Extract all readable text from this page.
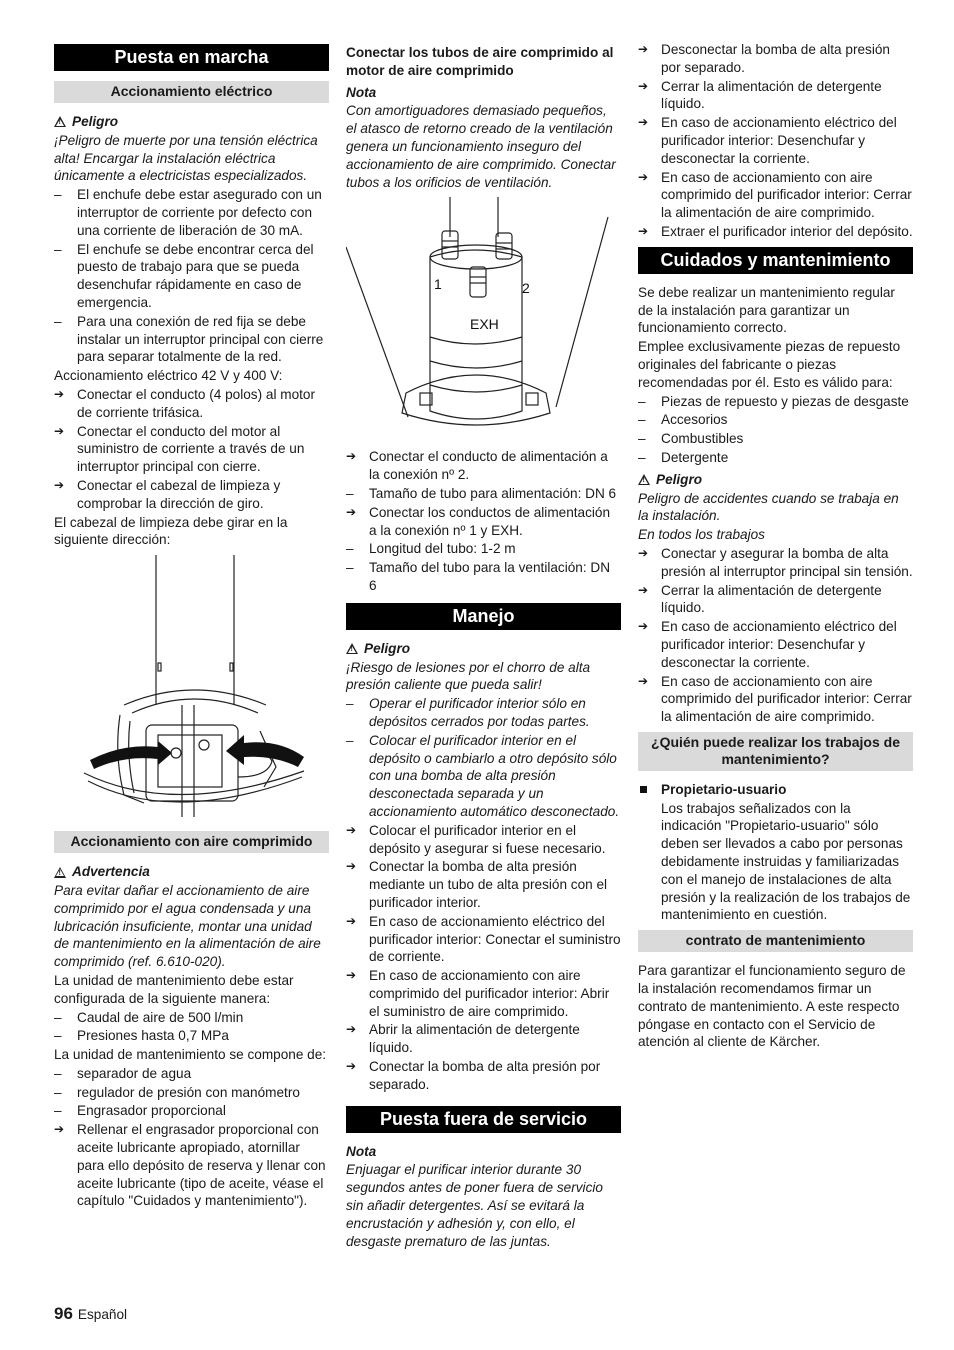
Puesta en marcha
Accionamiento eléctrico
!
Peligro

¡Peligro de muerte por una tensión eléctrica alta! Encargar la instalación eléctrica únicamente a electricistas especializados.

– El enchufe debe estar asegurado con un interruptor de corriente por defecto con una corriente de liberación de 30 mA.
– El enchufe se debe encontrar cerca del puesto de trabajo para que se pueda desenchufar rápidamente en caso de emergencia.
– Para una conexión de red fija se debe instalar un interruptor principal con cierre para separar totalmente de la red.

Accionamiento eléctrico 42 V y 400 V:

➔ Conectar el conducto (4 polos) al motor de corriente trifásica.
➔ Conectar el conducto del motor al suministro de corriente a través de un interruptor principal con cierre.
➔ Conectar el cabezal de limpieza y comprobar la dirección de giro.

El cabezal de limpieza debe girar en la siguiente dirección:

Accionamiento con aire comprimido
!
Advertencia

Para evitar dañar el accionamiento de aire comprimido por el agua condensada y una lubricación insuficiente, montar una unidad de mantenimiento en la alimentación de aire comprimido (ref. 6.610-020).

La unidad de mantenimiento debe estar configurada de la siguiente manera:

– Caudal de aire de 500 l/min
– Presiones hasta 0,7 MPa

La unidad de mantenimiento se compone de:

– separador de agua
– regulador de presión con manómetro
– Engrasador proporcional
➔ Rellenar el engrasador proporcional con aceite lubricante apropiado, atornillar para ello depósito de reserva y llenar con aceite lubricante (tipo de aceite, véase el capítulo "Cuidados y mantenimiento").
Conectar los tubos de aire comprimido al motor de aire comprimido

Nota

Con amortiguadores demasiado pequeños, el atasco de retorno creado de la ventilación genera un funcionamiento inseguro del accionamiento de aire comprimido. Conectar tubos a los orificios de ventilación.

1	2
EXH
➔ Conectar el conducto de alimentación a la conexión nº 2.
– Tamaño de tubo para alimentación: DN 6
➔ Conectar los conductos de alimentación a la conexión nº 1 y EXH.
– Longitud del tubo: 1-2 m
– Tamaño del tubo para la ventilación: DN 6
Manejo
!
Peligro

¡Riesgo de lesiones por el chorro de alta presión caliente que pueda salir!

– Operar el purificador interior sólo en depósitos cerrados por todas partes.
– Colocar el purificador interior en el depósito o cambiarlo a otro depósito sólo con una bomba de alta presión desconectada separada y un accionamiento automático desconectado.
➔ Colocar el purificador interior en el depósito y asegurar si fuese necesario.
➔ Conectar la bomba de alta presión mediante un tubo de alta presión con el purificador interior.
➔ En caso de accionamiento eléctrico del purificador interior: Conectar el suministro de corriente.
➔ En caso de accionamiento con aire comprimido del purificador interior: Abrir el suministro de aire comprimido.
➔ Abrir la alimentación de detergente líquido.
➔ Conectar la bomba de alta presión por separado.
Puesta fuera de servicio

Nota

Enjuagar el purificar interior durante 30 segundos antes de poner fuera de servicio sin añadir detergentes. Así se evitará la encrustación y adhesión y, con ello, el desgaste prematuro de las juntas.

➔ Desconectar la bomba de alta presión por separado.
➔ Cerrar la alimentación de detergente líquido.
➔ En caso de accionamiento eléctrico del purificador interior: Desenchufar y desconectar la corriente.
➔ En caso de accionamiento con aire comprimido del purificador interior: Cerrar la alimentación de aire comprimido.
➔ Extraer el purificador interior del depósito.
Cuidados y mantenimiento

Se debe realizar un mantenimiento regular de la instalación para garantizar un funcionamiento correcto.

Emplee exclusivamente piezas de repuesto originales del fabricante o piezas recomendadas por él. Esto es válido para:

– Piezas de repuesto y piezas de desgaste
– Accesorios
– Combustibles
– Detergente
!
Peligro

Peligro de accidentes cuando se trabaja en la instalación.

En todos los trabajos

➔ Conectar y asegurar la bomba de alta presión al interruptor principal sin tensión.
➔ Cerrar la alimentación de detergente líquido.
➔ En caso de accionamiento eléctrico del purificador interior: Desenchufar y desconectar la corriente.
➔ En caso de accionamiento con aire comprimido del purificador interior: Cerrar la alimentación de aire comprimido.
¿Quién puede realizar los trabajos de mantenimiento?
Propietario-usuario

Los trabajos señalizados con la indicación "Propietario-usuario" sólo deben ser llevados a cabo por personas debidamente instruidas y familiarizadas con el manejo de instalaciones de alta presión y la realización de los trabajos de mantenimiento en cuestión.

contrato de mantenimiento

Para garantizar el funcionamiento seguro de la instalación recomendamos firmar un contrato de mantenimiento. A este respecto póngase en contacto con el Servicio de atención al cliente de Kärcher.

96 Español
